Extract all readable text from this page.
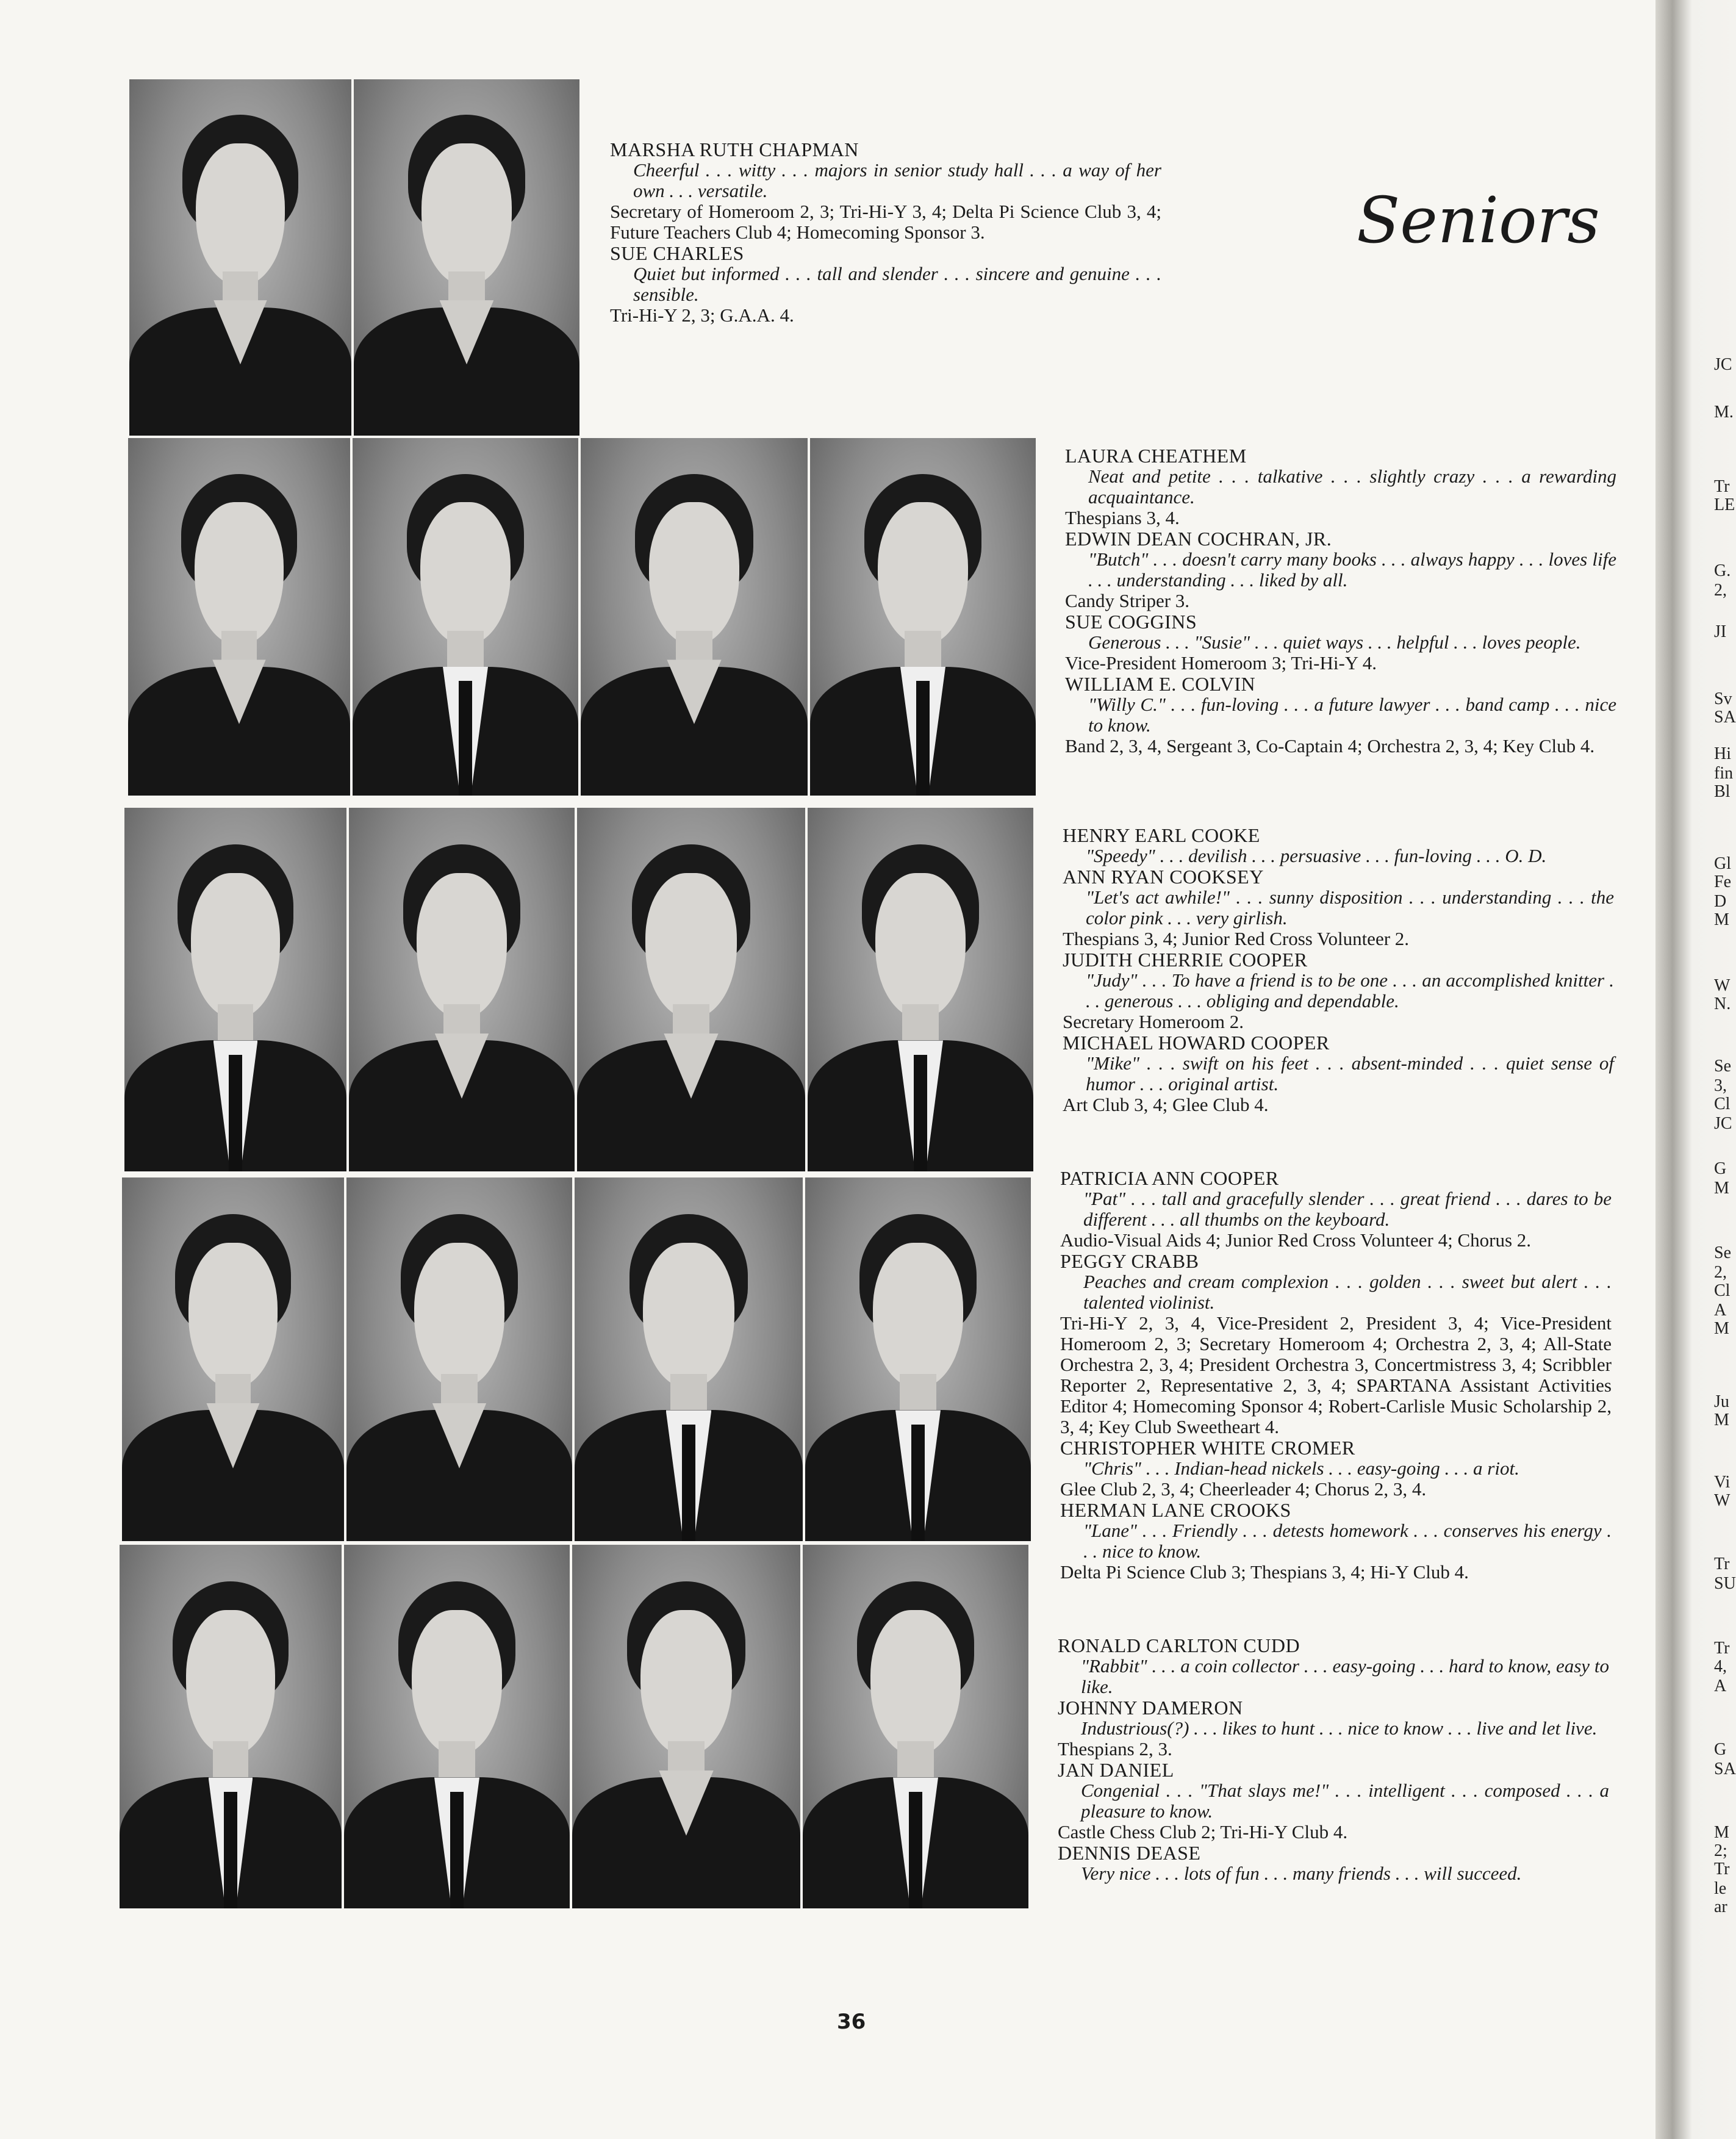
JC
M.
Tr
LE
G.
2,
JI
Sv
SA
Hi
fin
Bl
Gl
Fe
D
M
W
N.
Se
3,
Cl
JC
G
M
Se
2,
Cl
A
M
Ju
M
Vi
W
Tr
SU
Tr
4,
A
G
SA
M
2;
Tr
le
ar
Seniors
MARSHA RUTH CHAPMAN
Cheerful . . . witty . . . majors in senior study hall . . . a way of her own . . . versatile.
Secretary of Homeroom 2, 3; Tri-Hi-Y 3, 4; Delta Pi Science Club 3, 4; Future Teachers Club 4; Homecoming Sponsor 3.
SUE CHARLES
Quiet but informed . . . tall and slender . . . sincere and genuine . . . sensible.
Tri-Hi-Y 2, 3; G.A.A. 4.
LAURA CHEATHEM
Neat and petite . . . talkative . . . slightly crazy . . . a rewarding acquaintance.
Thespians 3, 4.
EDWIN DEAN COCHRAN, JR.
"Butch" . . . doesn't carry many books . . . always happy . . . loves life . . . understanding . . . liked by all.
Candy Striper 3.
SUE COGGINS
Generous . . . "Susie" . . . quiet ways . . . helpful . . . loves people.
Vice-President Homeroom 3; Tri-Hi-Y 4.
WILLIAM E. COLVIN
"Willy C." . . . fun-loving . . . a future lawyer . . . band camp . . . nice to know.
Band 2, 3, 4, Sergeant 3, Co-Captain 4; Orchestra 2, 3, 4; Key Club 4.
HENRY EARL COOKE
"Speedy" . . . devilish . . . persuasive . . . fun-loving . . . O. D.
ANN RYAN COOKSEY
"Let's act awhile!" . . . sunny disposition . . . understanding . . . the color pink . . . very girlish.
Thespians 3, 4; Junior Red Cross Volunteer 2.
JUDITH CHERRIE COOPER
"Judy" . . . To have a friend is to be one . . . an accomplished knitter . . . generous . . . obliging and dependable.
Secretary Homeroom 2.
MICHAEL HOWARD COOPER
"Mike" . . . swift on his feet . . . absent-minded . . . quiet sense of humor . . . original artist.
Art Club 3, 4; Glee Club 4.
PATRICIA ANN COOPER
"Pat" . . . tall and gracefully slender . . . great friend . . . dares to be different . . . all thumbs on the keyboard.
Audio-Visual Aids 4; Junior Red Cross Volunteer 4; Chorus 2.
PEGGY CRABB
Peaches and cream complexion . . . golden . . . sweet but alert . . . talented violinist.
Tri-Hi-Y 2, 3, 4, Vice-President 2, President 3, 4; Vice-President Homeroom 2, 3; Secretary Homeroom 4; Orchestra 2, 3, 4; All-State Orchestra 2, 3, 4; President Orchestra 3, Concertmistress 3, 4; Scribbler Reporter 2, Representative 2, 3, 4; SPARTANA Assistant Activities Editor 4; Homecoming Sponsor 4; Robert-Carlisle Music Scholarship 2, 3, 4; Key Club Sweetheart 4.
CHRISTOPHER WHITE CROMER
"Chris" . . . Indian-head nickels . . . easy-going . . . a riot.
Glee Club 2, 3, 4; Cheerleader 4; Chorus 2, 3, 4.
HERMAN LANE CROOKS
"Lane" . . . Friendly . . . detests homework . . . conserves his energy . . . nice to know.
Delta Pi Science Club 3; Thespians 3, 4; Hi-Y Club 4.
RONALD CARLTON CUDD
"Rabbit" . . . a coin collector . . . easy-going . . . hard to know, easy to like.
JOHNNY DAMERON
Industrious(?) . . . likes to hunt . . . nice to know . . . live and let live.
Thespians 2, 3.
JAN DANIEL
Congenial . . . "That slays me!" . . . intelligent . . . composed . . . a pleasure to know.
Castle Chess Club 2; Tri-Hi-Y Club 4.
DENNIS DEASE
Very nice . . . lots of fun . . . many friends . . . will succeed.
36
